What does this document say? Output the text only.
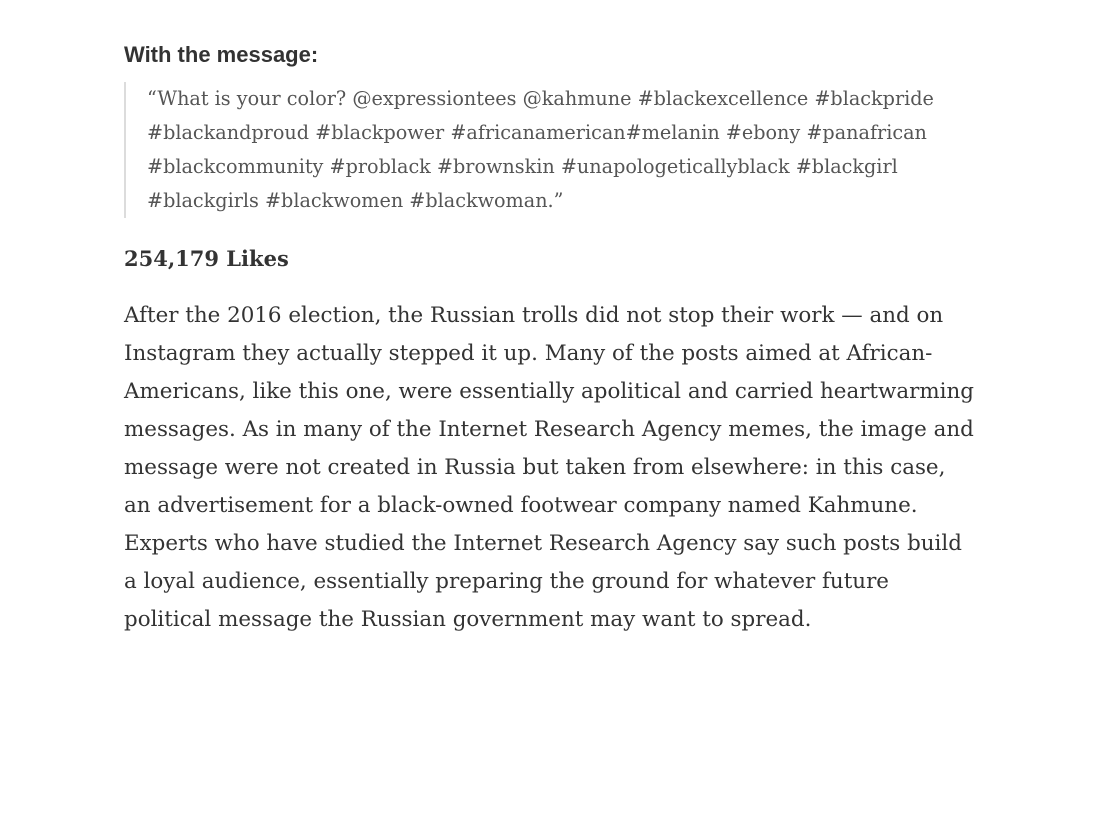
With the message:
“What is your color? @expressiontees @kahmune #blackexcellence #blackpride #blackandproud #blackpower #africanamerican#melanin #ebony #panafrican #blackcommunity #problack #brownskin #unapologeticallyblack #blackgirl #blackgirls #blackwomen #blackwoman.”

254,179 Likes

After the 2016 election, the Russian trolls did not stop their work — and on Instagram they actually stepped it up. Many of the posts aimed at African-Americans, like this one, were essentially apolitical and carried heartwarming messages. As in many of the Internet Research Agency memes, the image and message were not created in Russia but taken from elsewhere: in this case, an advertisement for a black-owned footwear company named Kahmune. Experts who have studied the Internet Research Agency say such posts build a loyal audience, essentially preparing the ground for whatever future political message the Russian government may want to spread.
